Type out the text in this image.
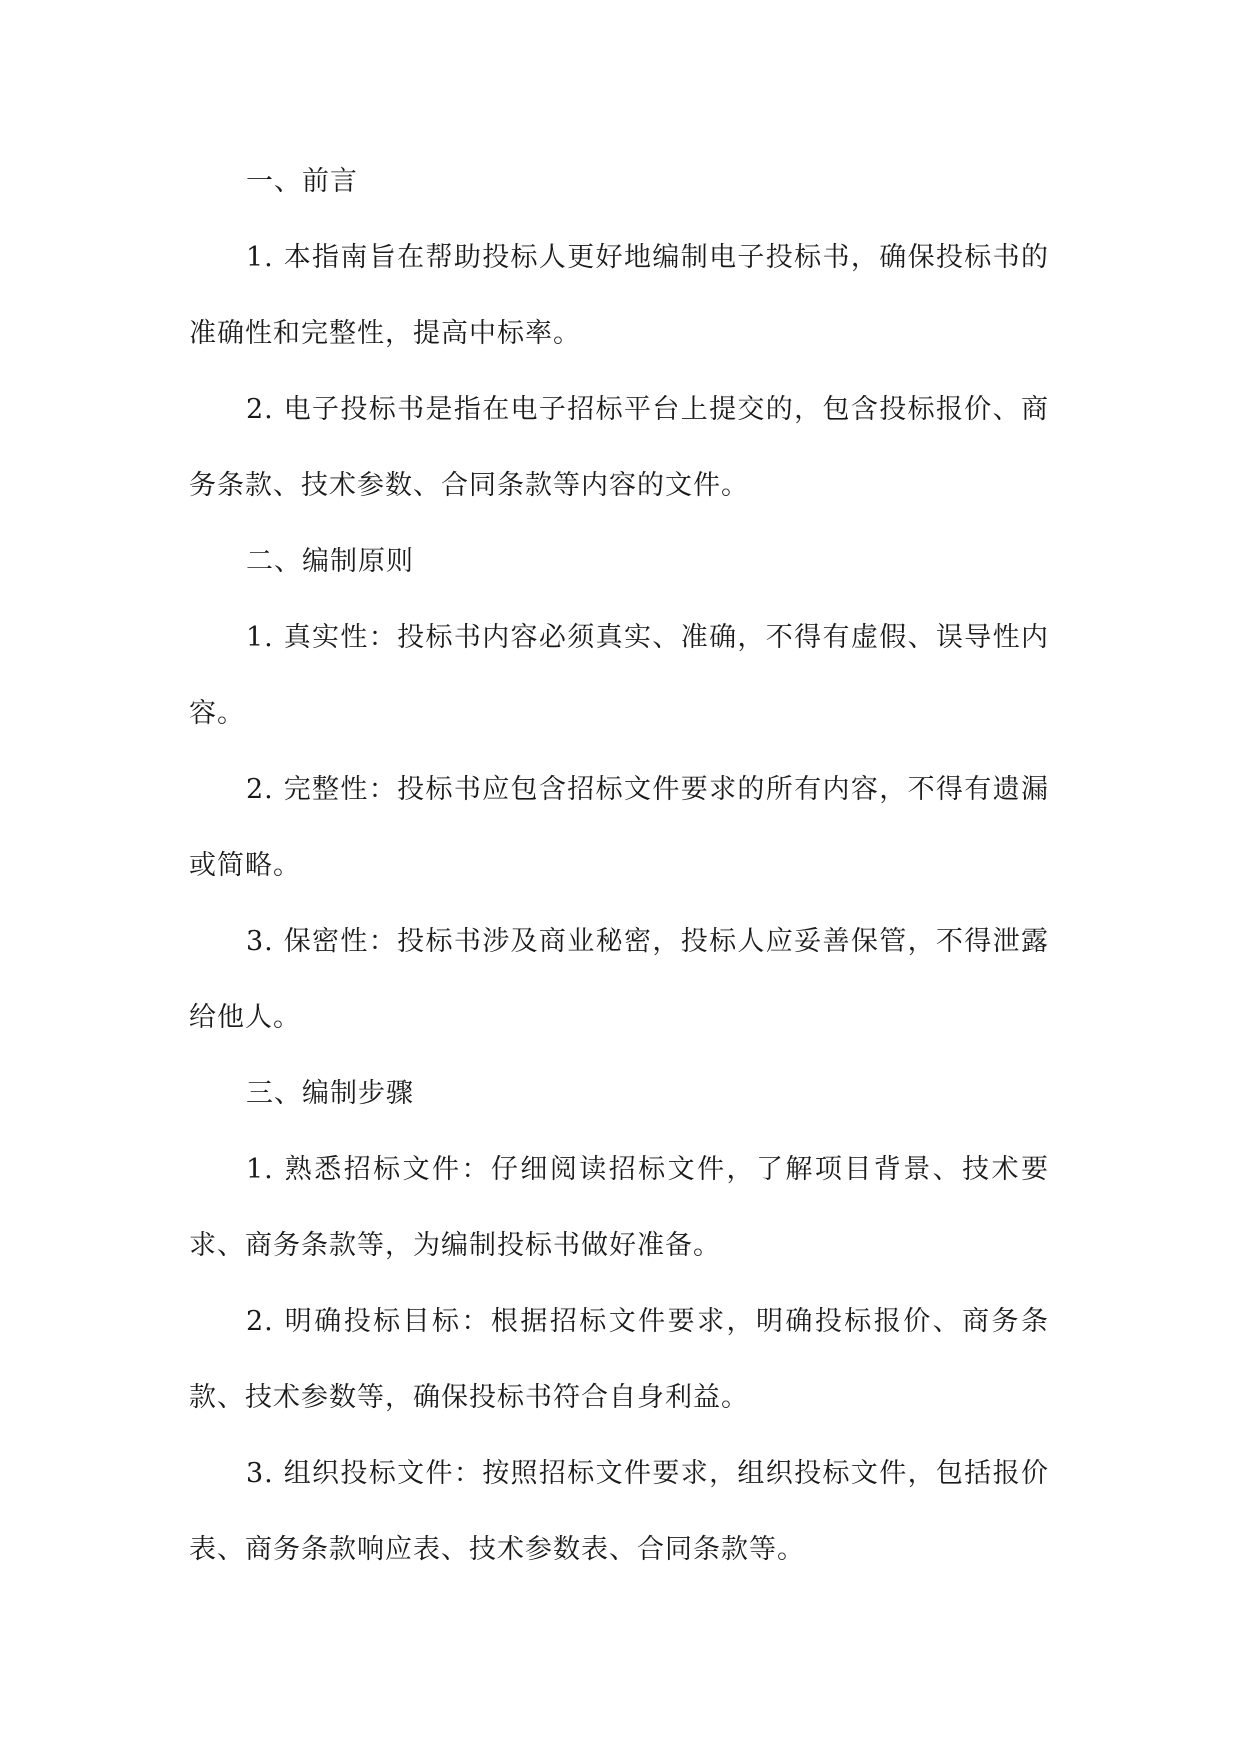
一、前言

1. 本指南旨在帮助投标人更好地编制电子投标书，确保投标书的准确性和完整性，提高中标率。

2. 电子投标书是指在电子招标平台上提交的，包含投标报价、商务条款、技术参数、合同条款等内容的文件。

二、编制原则

1. 真实性：投标书内容必须真实、准确，不得有虚假、误导性内容。

2. 完整性：投标书应包含招标文件要求的所有内容，不得有遗漏或简略。

3. 保密性：投标书涉及商业秘密，投标人应妥善保管，不得泄露给他人。

三、编制步骤

1. 熟悉招标文件：仔细阅读招标文件，了解项目背景、技术要求、商务条款等，为编制投标书做好准备。

2. 明确投标目标：根据招标文件要求，明确投标报价、商务条款、技术参数等，确保投标书符合自身利益。

3. 组织投标文件：按照招标文件要求，组织投标文件，包括报价表、商务条款响应表、技术参数表、合同条款等。
